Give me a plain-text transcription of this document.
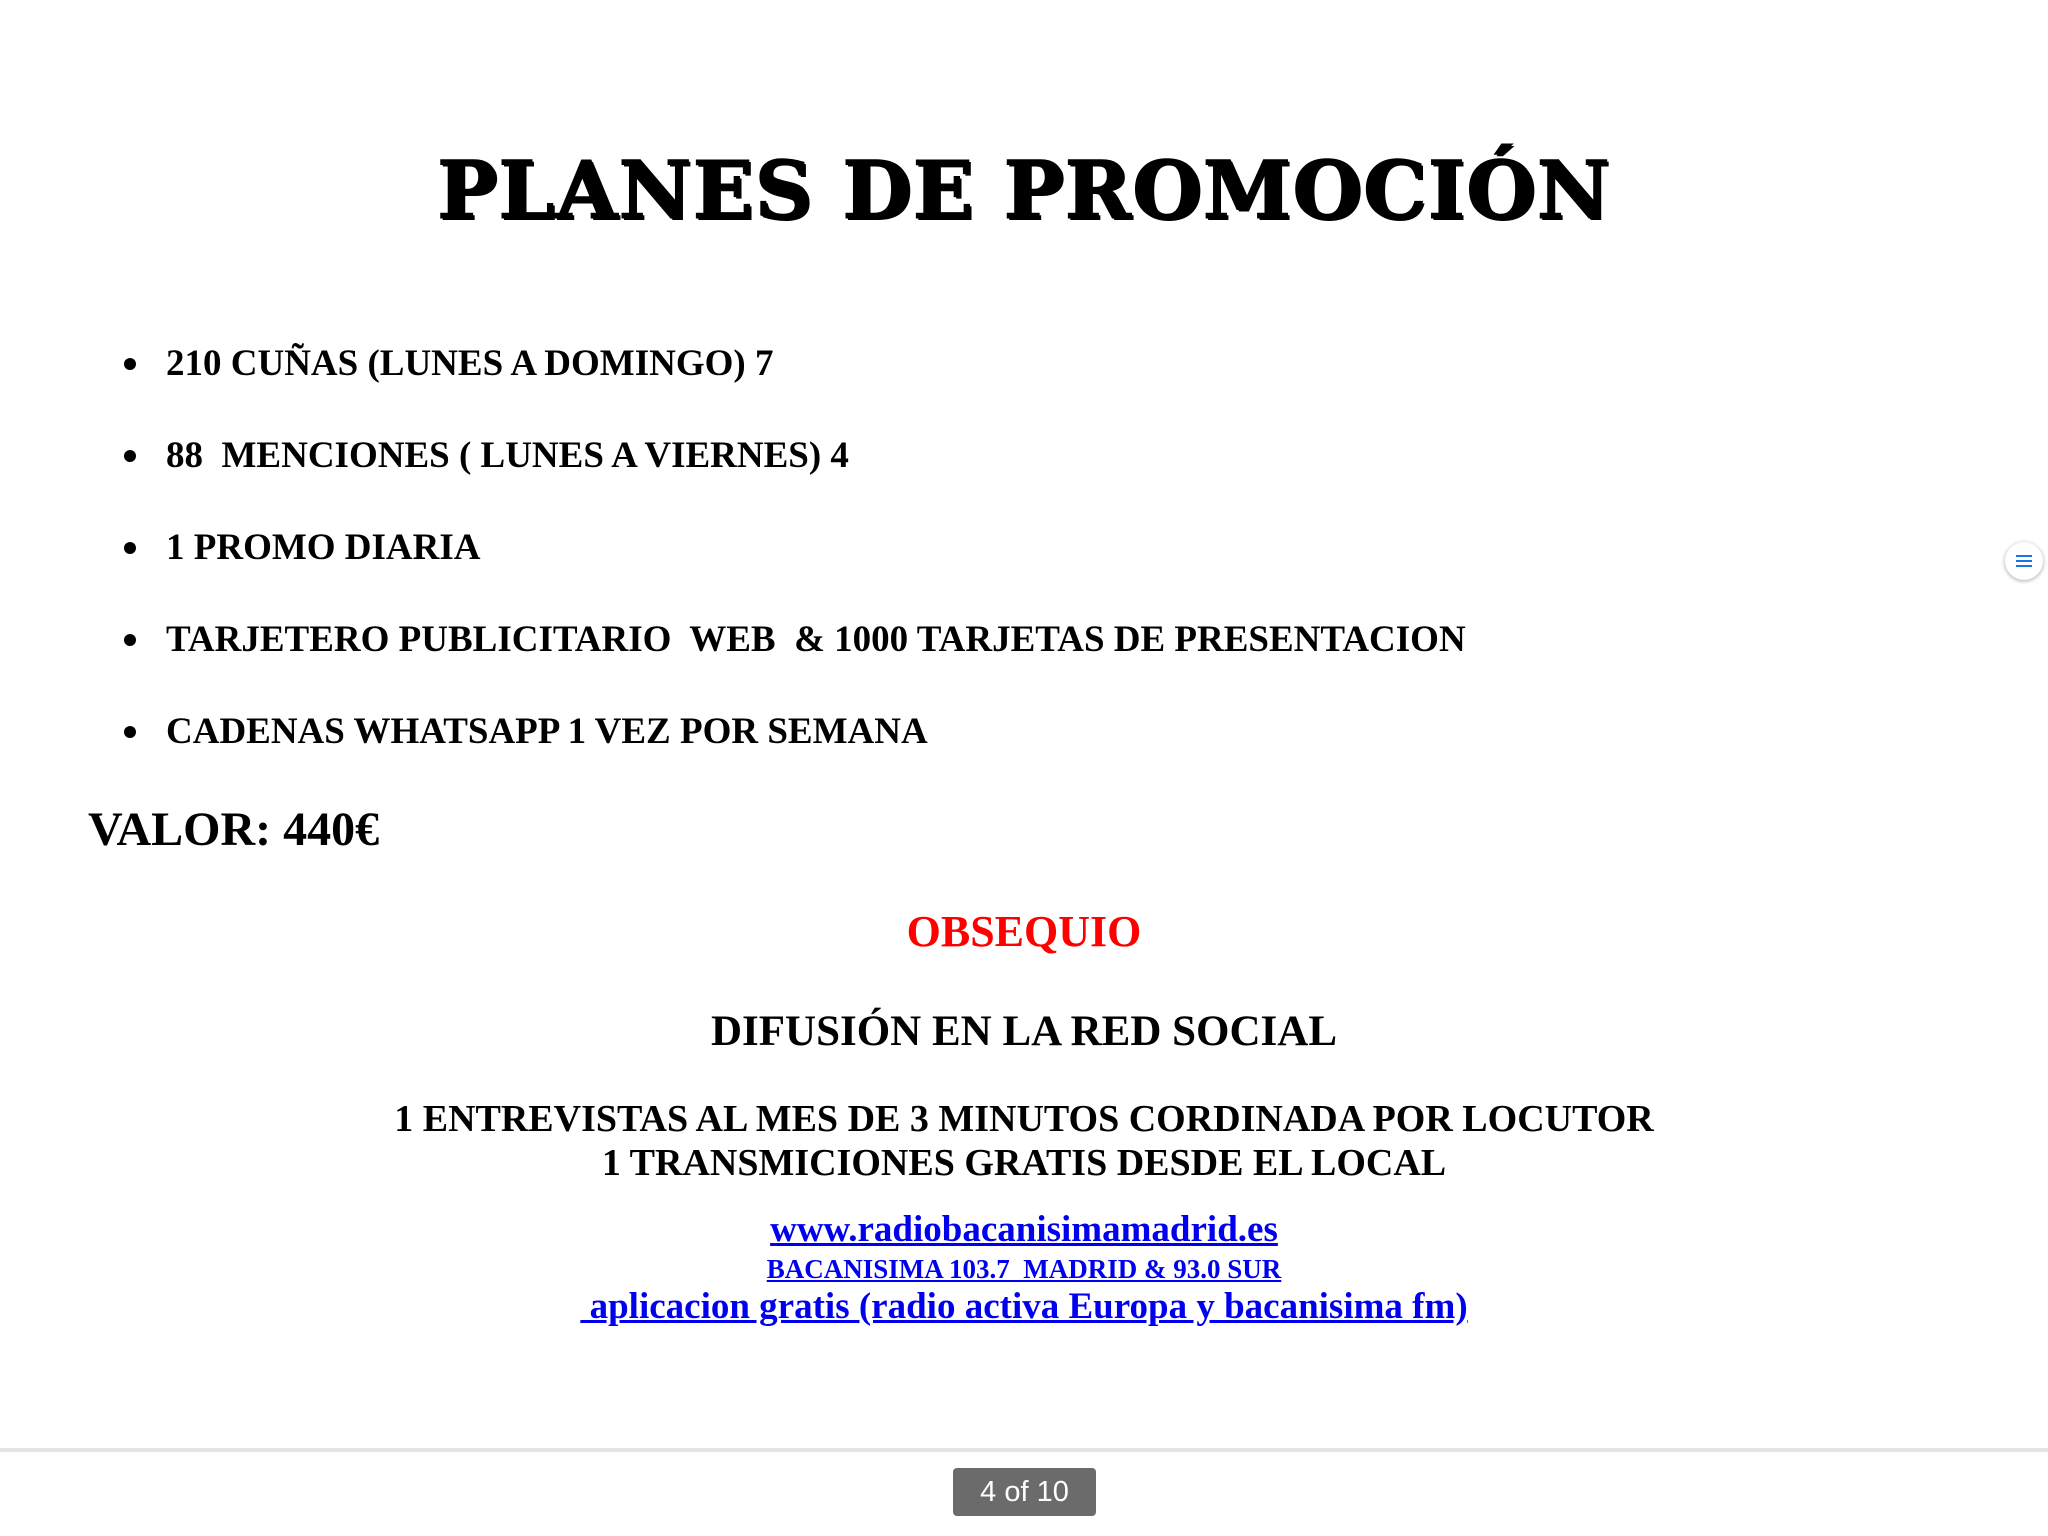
PLANES DE PROMOCIÓN
210 CUÑAS (LUNES A DOMINGO) 7
88  MENCIONES ( LUNES A VIERNES) 4
1 PROMO DIARIA
TARJETERO PUBLICITARIO  WEB  & 1000 TARJETAS DE PRESENTACION
CADENAS WHATSAPP 1 VEZ POR SEMANA
VALOR: 440€
OBSEQUIO
DIFUSIÓN EN LA RED SOCIAL
1 ENTREVISTAS AL MES DE 3 MINUTOS CORDINADA POR LOCUTOR
1 TRANSMICIONES GRATIS DESDE EL LOCAL
www.radiobacanisimamadrid.es
BACANISIMA 103.7  MADRID & 93.0 SUR
aplicacion gratis (radio activa Europa y bacanisima fm)
4 of 10
